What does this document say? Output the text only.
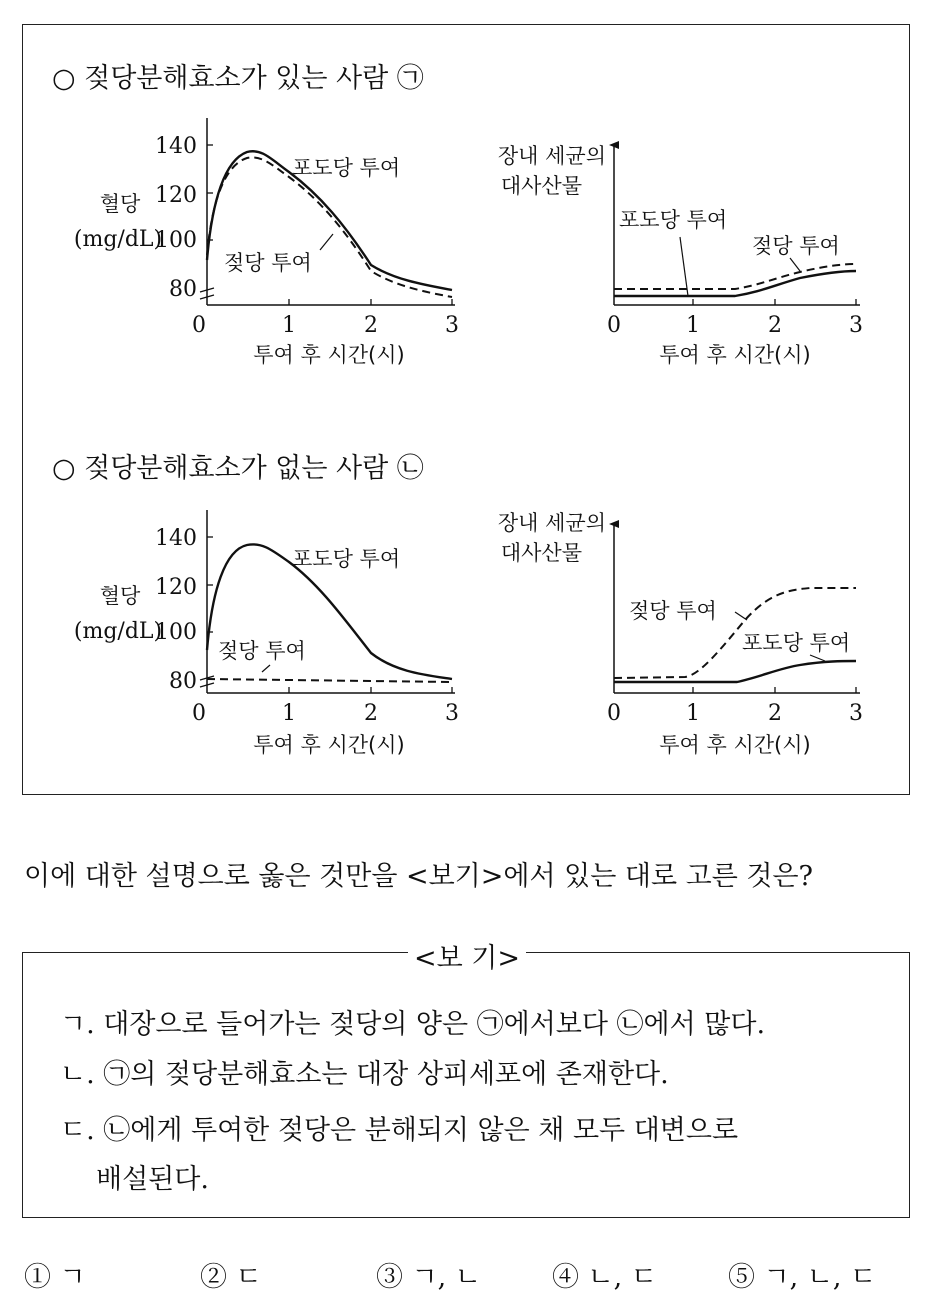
○ 젖당분해효소가 있는 사람 ㉠
○ 젖당분해효소가 없는 사람 ㉡
140
120
100
80
0	1	2	3
투여 후 시간(시)
혈당
(mg/dL)
포도당 투여
젖당 투여
0	1	2	3
투여 후 시간(시)
장내 세균의
대사산물
포도당 투여
젖당 투여
140
120
100
80
0	1	2	3
투여 후 시간(시)
혈당
(mg/dL)
포도당 투여
젖당 투여
0	1	2	3
투여 후 시간(시)
장내 세균의
대사산물
젖당 투여
포도당 투여
이에 대한 설명으로 옳은 것만을 <보기>에서 있는 대로 고른 것은?
<보 기>
ㄱ. 대장으로 들어가는 젖당의 양은 ㉠에서보다 ㉡에서 많다.
ㄴ. ㉠의 젖당분해효소는 대장 상피세포에 존재한다.
ㄷ. ㉡에게 투여한 젖당은 분해되지 않은 채 모두 대변으로
배설된다.
① ㄱ	② ㄷ	③ ㄱ, ㄴ	④ ㄴ, ㄷ	⑤ ㄱ, ㄴ, ㄷ
